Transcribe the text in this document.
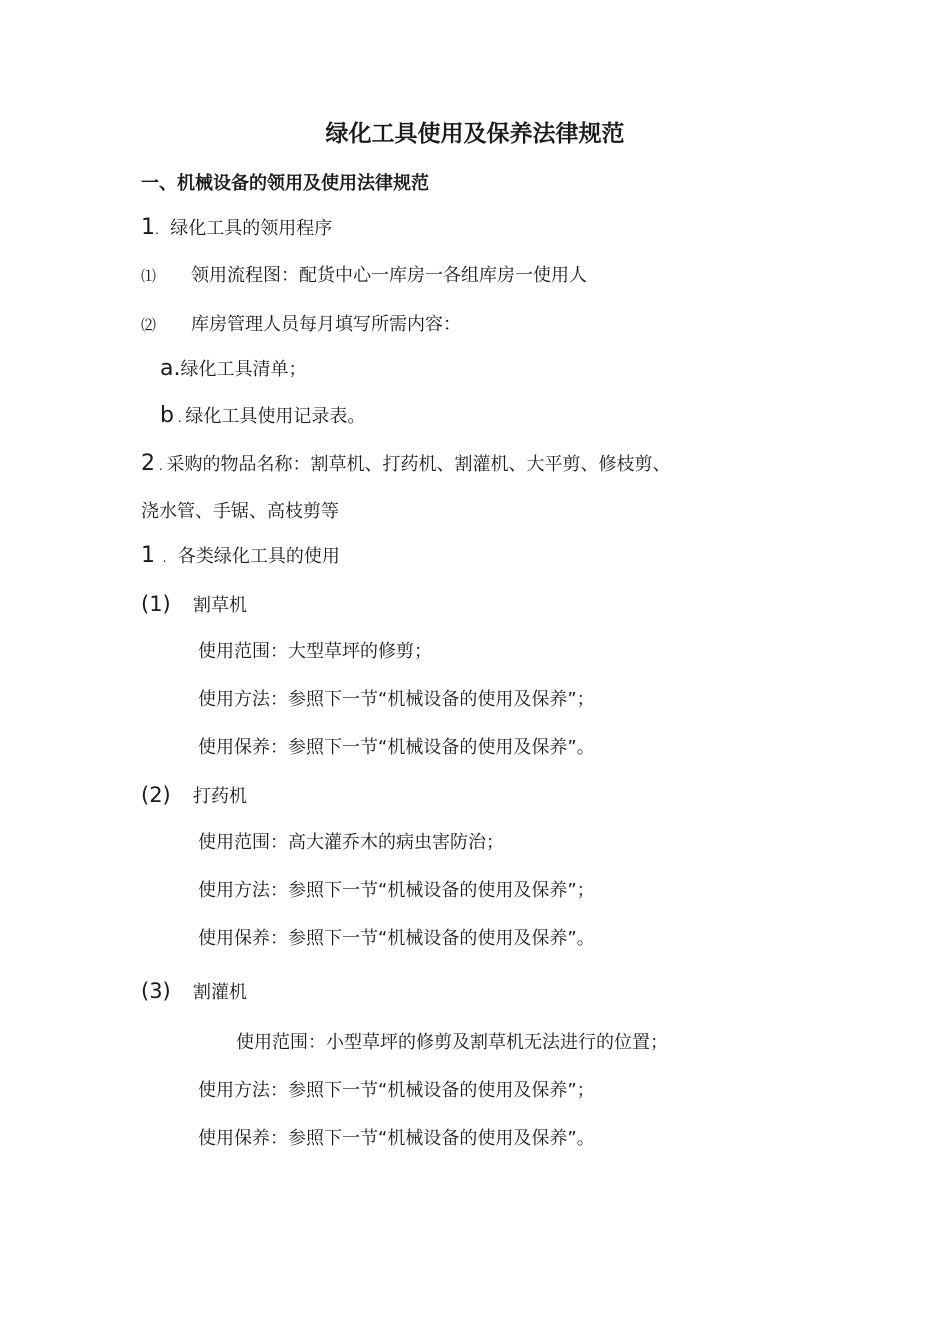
绿化工具使用及保养法律规范
一、机械设备的领用及使用法律规范
1.   绿化工具的领用程序
⑴ 领用流程图：配货中心一库房一各组库房一使用人
⑵ 库房管理人员每月填写所需内容：
a.绿化工具清单；
b . 绿化工具使用记录表。
2 . 采购的物品名称：割草机、打药机、割灌机、大平剪、修枝剪、
浇水管、手锯、高枝剪等
1  .   各类绿化工具的使用
(1) 割草机
使用范围：大型草坪的修剪；
使用方法：参照下一节“机械设备的使用及保养”；
使用保养：参照下一节“机械设备的使用及保养”。
(2) 打药机
使用范围：高大灌乔木的病虫害防治；
使用方法：参照下一节“机械设备的使用及保养”；
使用保养：参照下一节“机械设备的使用及保养”。
(3) 割灌机
使用范围：小型草坪的修剪及割草机无法进行的位置；
使用方法：参照下一节“机械设备的使用及保养”；
使用保养：参照下一节“机械设备的使用及保养”。
